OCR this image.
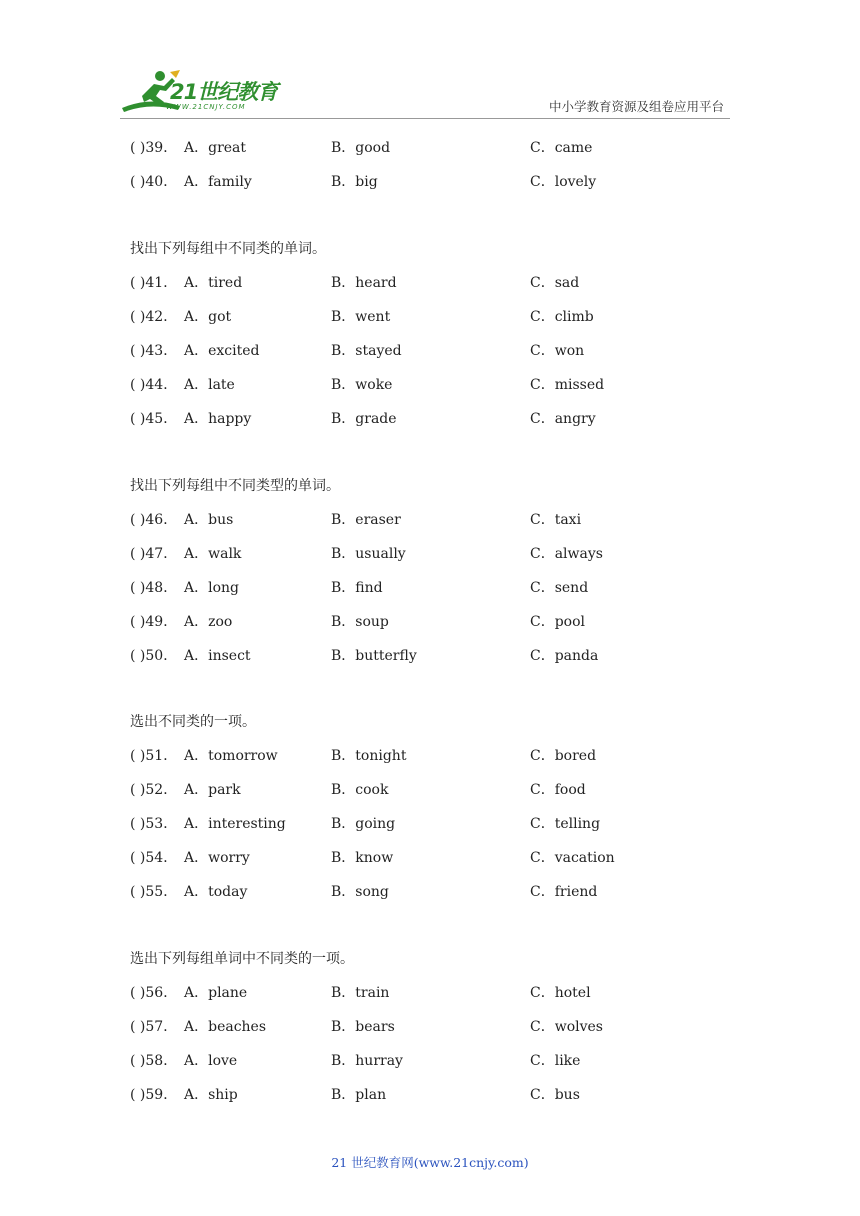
21世纪教育
WWW.21CNJY.COM	中小学教育资源及组卷应用平台
( )39． A．great	B．good	C．came
( )40． A．family	B．big	C．lovely
找出下列每组中不同类的单词。
( )41． A．tired	B．heard	C．sad
( )42． A．got	B．went	C．climb
( )43． A．excited	B．stayed	C．won
( )44． A．late	B．woke	C．missed
( )45． A．happy	B．grade	C．angry
找出下列每组中不同类型的单词。
( )46． A．bus	B．eraser	C．taxi
( )47． A．walk	B．usually	C．always
( )48． A．long	B．find	C．send
( )49． A．zoo	B．soup	C．pool
( )50． A．insect	B．butterfly	C．panda
选出不同类的一项。
( )51． A．tomorrow	B．tonight	C．bored
( )52． A．park	B．cook	C．food
( )53． A．interesting	B．going	C．telling
( )54． A．worry	B．know	C．vacation
( )55． A．today	B．song	C．friend
选出下列每组单词中不同类的一项。
( )56． A．plane	B．train	C．hotel
( )57． A．beaches	B．bears	C．wolves
( )58． A．love	B．hurray	C．like
( )59． A．ship	B．plan	C．bus
21 世纪教育网(www.21cnjy.com)
